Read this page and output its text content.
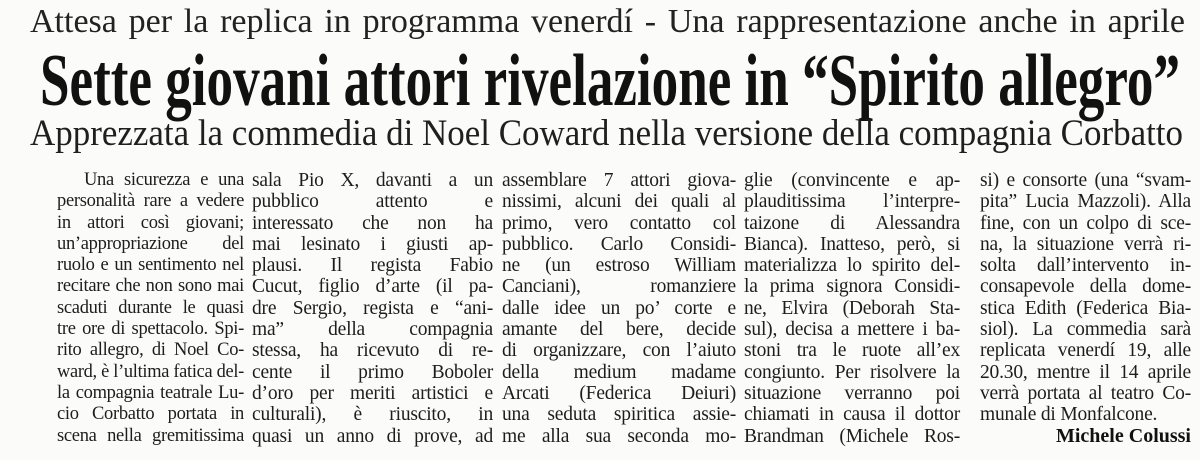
Attesa per la replica in programma venerdí - Una rappresentazione anche in aprile
Sette giovani attori rivelazione in “Spirito allegro”
Apprezzata la commedia di Noel Coward nella versione della compagnia Corbatto
Una sicurezza e una
personalità rare a vedere
in attori così giovani;
un’appropriazione del
ruolo e un sentimento nel
recitare che non sono mai
scaduti durante le quasi
tre ore di spettacolo. Spi-
rito allegro, di Noel Co-
ward, è l’ultima fatica del-
la compagnia teatrale Lu-
cio Corbatto portata in
scena nella gremitissima
sala Pio X, davanti a un
pubblico attento e
interessato che non ha
mai lesinato i giusti ap-
plausi. Il regista Fabio
Cucut, figlio d’arte (il pa-
dre Sergio, regista e “ani-
ma” della compagnia
stessa, ha ricevuto di re-
cente il primo Boboler
d’oro per meriti artistici e
culturali), è riuscito, in
quasi un anno di prove, ad
assemblare 7 attori giova-
nissimi, alcuni dei quali al
primo, vero contatto col
pubblico. Carlo Considi-
ne (un estroso William
Canciani), romanziere
dalle idee un po’ corte e
amante del bere, decide
di organizzare, con l’aiuto
della medium madame
Arcati (Federica Deiuri)
una seduta spiritica assie-
me alla sua seconda mo-
glie (convincente e ap-
plauditissima l’interpre-
taizone di Alessandra
Bianca). Inatteso, però, si
materializza lo spirito del-
la prima signora Considi-
ne, Elvira (Deborah Sta-
sul), decisa a mettere i ba-
stoni tra le ruote all’ex
congiunto. Per risolvere la
situazione verranno poi
chiamati in causa il dottor
Brandman (Michele Ros-
si) e consorte (una “svam-
pita” Lucia Mazzoli). Alla
fine, con un colpo di sce-
na, la situazione verrà ri-
solta dall’intervento in-
consapevole della dome-
stica Edith (Federica Bia-
siol). La commedia sarà
replicata venerdí 19, alle
20.30, mentre il 14 aprile
verrà portata al teatro Co-
munale di Monfalcone.
Michele Colussi
